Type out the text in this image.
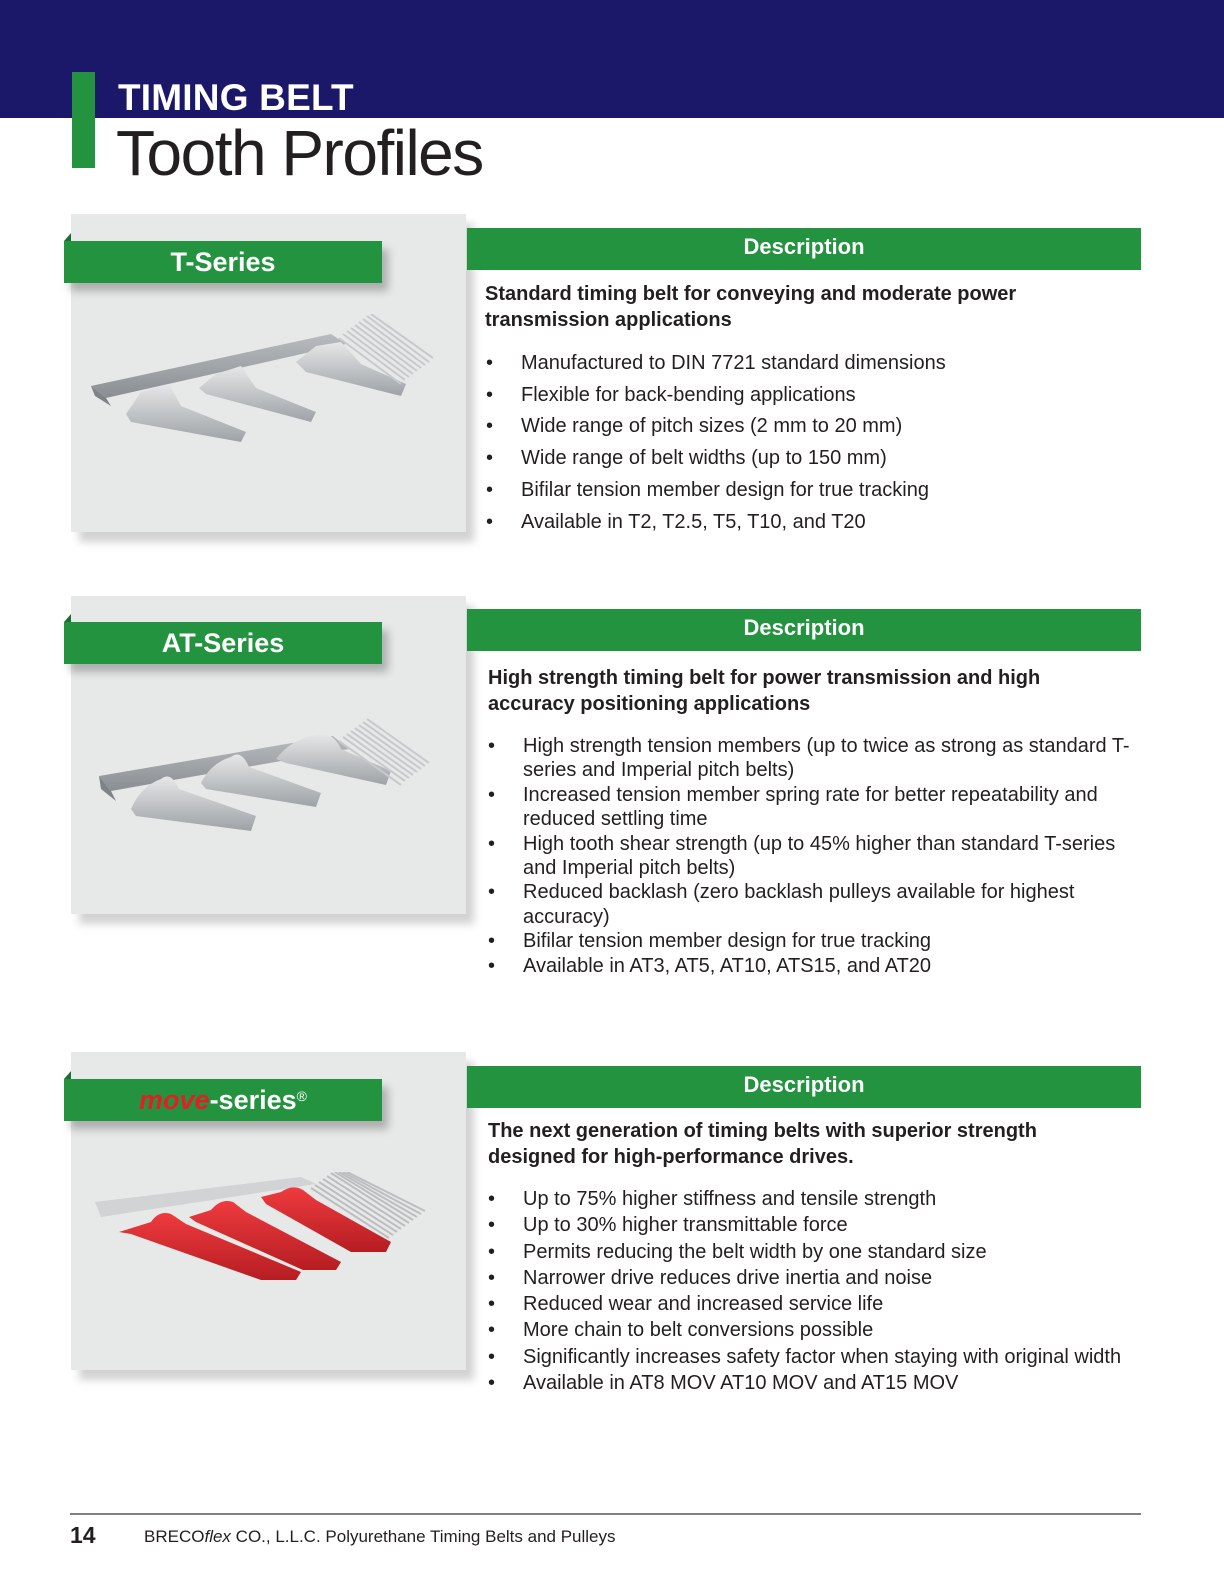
TIMING BELT
Tooth Profiles
T-Series
Description
Standard timing belt for conveying and moderate power transmission applications
• Manufactured to DIN 7721 standard dimensions
• Flexible for back-bending applications
• Wide range of pitch sizes (2 mm to 20 mm)
• Wide range of belt widths (up to 150 mm)
• Bifilar tension member design for true tracking
• Available in T2, T2.5, T5, T10, and T20
AT-Series
Description
High strength timing belt for power transmission and high accuracy positioning applications
• High strength tension members (up to twice as strong as standard T-series and Imperial pitch belts)
• Increased tension member spring rate for better repeatability and reduced settling time
• High tooth shear strength (up to 45% higher than standard T-series and Imperial pitch belts)
• Reduced backlash (zero backlash pulleys available for highest accuracy)
• Bifilar tension member design for true tracking
• Available in AT3, AT5, AT10, ATS15, and AT20
move-series®	Description
The next generation of timing belts with superior strength designed for high-performance drives.
• Up to 75% higher stiffness and tensile strength
• Up to 30% higher transmittable force
• Permits reducing the belt width by one standard size
• Narrower drive reduces drive inertia and noise
• Reduced wear and increased service life
• More chain to belt conversions possible
• Significantly increases safety factor when staying with original width
• Available in AT8 MOV AT10 MOV and AT15 MOV
14	BRECOflex CO., L.L.C. Polyurethane Timing Belts and Pulleys
